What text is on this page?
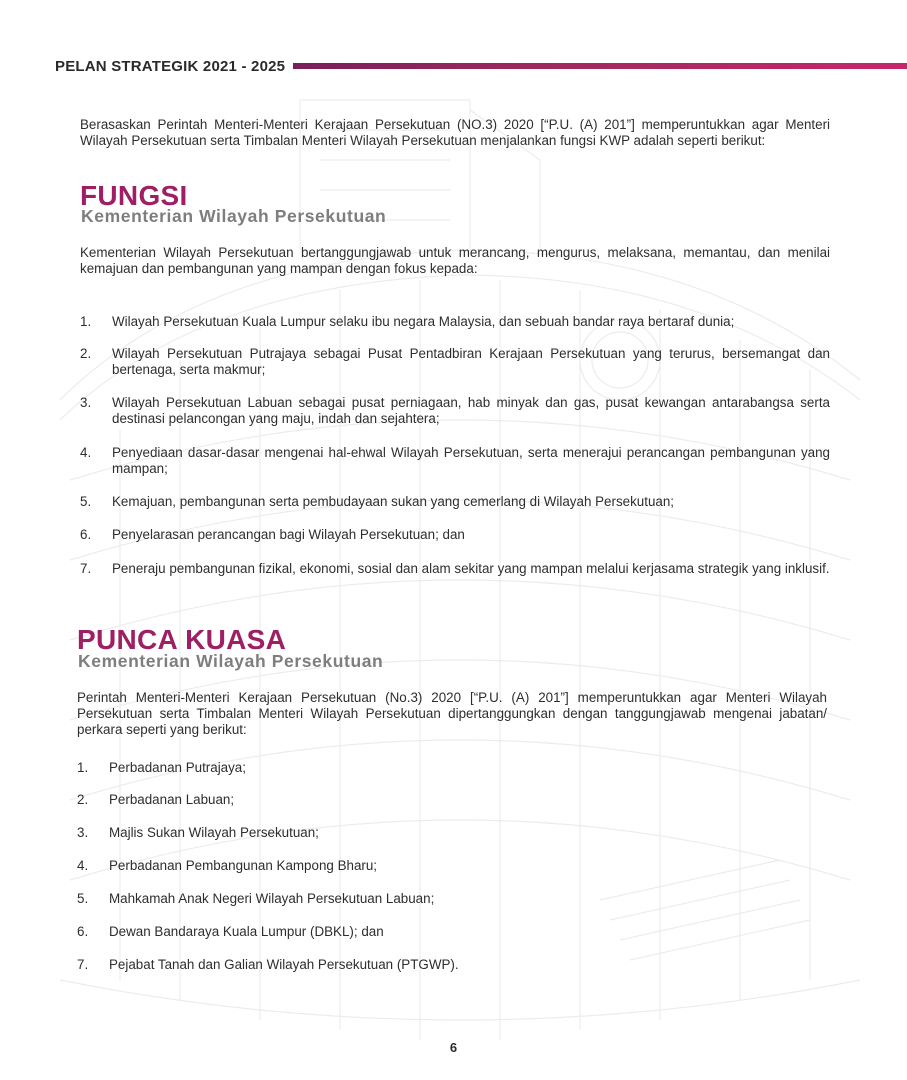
PELAN STRATEGIK 2021 - 2025
Berasaskan Perintah Menteri-Menteri Kerajaan Persekutuan (NO.3) 2020 [“P.U. (A) 201”] memperuntukkan agar Menteri Wilayah Persekutuan serta Timbalan Menteri Wilayah Persekutuan menjalankan fungsi KWP adalah seperti berikut:
FUNGSI
Kementerian Wilayah Persekutuan
Kementerian Wilayah Persekutuan bertanggungjawab untuk merancang, mengurus, melaksana, memantau, dan menilai kemajuan dan pembangunan yang mampan dengan fokus kepada:
1.	Wilayah Persekutuan Kuala Lumpur selaku ibu negara Malaysia, dan sebuah bandar raya bertaraf dunia;
2.	Wilayah Persekutuan Putrajaya sebagai Pusat Pentadbiran Kerajaan Persekutuan yang terurus, bersemangat dan bertenaga, serta makmur;
3.	Wilayah Persekutuan Labuan sebagai pusat perniagaan, hab minyak dan gas, pusat kewangan antarabangsa serta destinasi pelancongan yang maju, indah dan sejahtera;
4.	Penyediaan dasar-dasar mengenai hal-ehwal Wilayah Persekutuan, serta menerajui perancangan pembangunan yang mampan;
5.	Kemajuan, pembangunan serta pembudayaan sukan yang cemerlang di Wilayah Persekutuan;
6.	Penyelarasan perancangan bagi Wilayah Persekutuan; dan
7.	Peneraju pembangunan fizikal, ekonomi, sosial dan alam sekitar yang mampan melalui kerjasama strategik yang inklusif.
PUNCA KUASA
Kementerian Wilayah Persekutuan
Perintah Menteri-Menteri Kerajaan Persekutuan (No.3) 2020 [“P.U. (A) 201”] memperuntukkan agar Menteri Wilayah Persekutuan serta Timbalan Menteri Wilayah Persekutuan dipertanggungkan dengan tanggungjawab mengenai jabatan/ perkara seperti yang berikut:
1.	Perbadanan Putrajaya;
2.	Perbadanan Labuan;
3.	Majlis Sukan Wilayah Persekutuan;
4.	Perbadanan Pembangunan Kampong Bharu;
5.	Mahkamah Anak Negeri Wilayah Persekutuan Labuan;
6.	Dewan Bandaraya Kuala Lumpur (DBKL); dan
7.	Pejabat Tanah dan Galian Wilayah Persekutuan (PTGWP).
6
